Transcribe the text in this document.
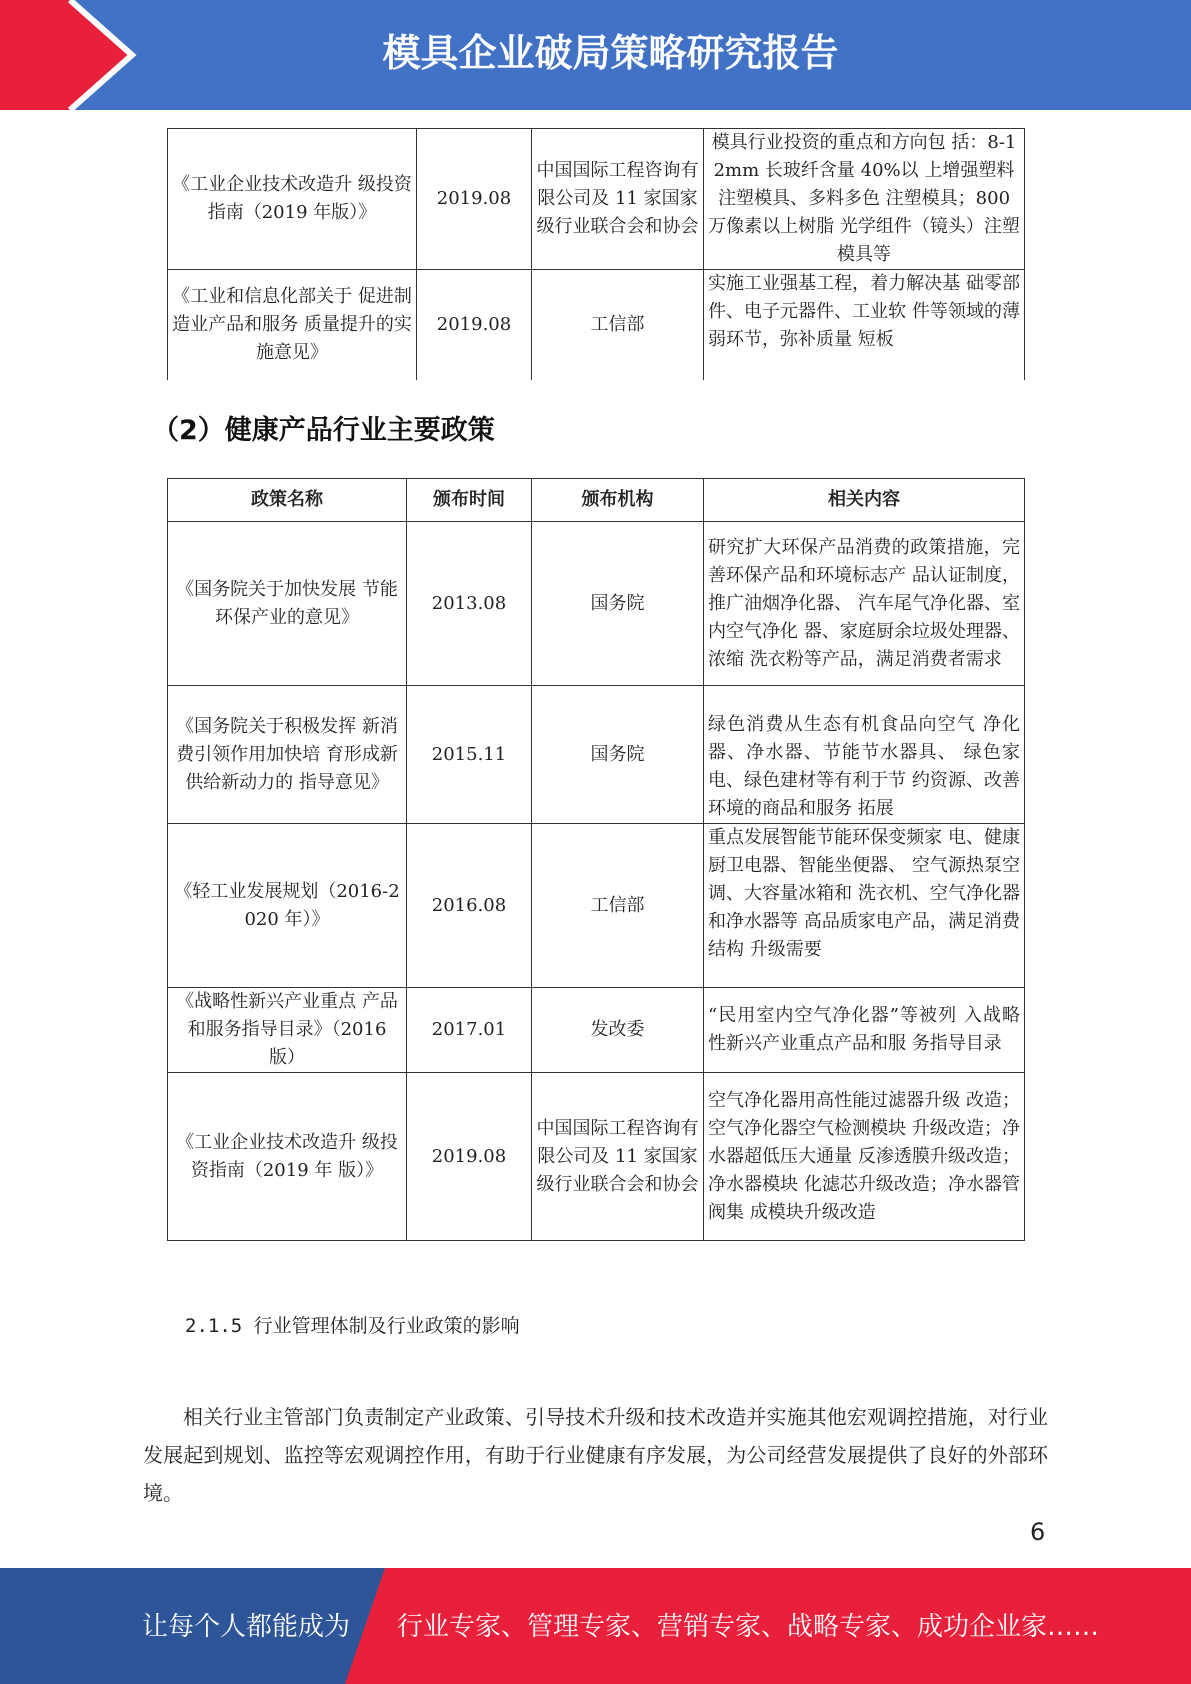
模具企业破局策略研究报告
《工业企业技术改造升 级投资指南（2019 年版）》	2019.08	中国国际工程咨询有限公司及 11 家国家级行业联合会和协会	模具行业投资的重点和方向包 括：8-12mm 长玻纤含量 40%以 上增强塑料注塑模具、多料多色 注塑模具；800 万像素以上树脂 光学组件（镜头）注塑模具等
《工业和信息化部关于 促进制造业产品和服务 质量提升的实施意见》	2019.08	工信部	实施工业强基工程，着力解决基 础零部件、电子元器件、工业软 件等领域的薄弱环节，弥补质量 短板
（2）健康产品行业主要政策
政策名称	颁布时间	颁布机构	相关内容
《国务院关于加快发展 节能环保产业的意见》	2013.08	国务院	研究扩大环保产品消费的政策措施，完善环保产品和环境标志产 品认证制度，推广油烟净化器、 汽车尾气净化器、室内空气净化 器、家庭厨余垃圾处理器、浓缩 洗衣粉等产品，满足消费者需求
《国务院关于积极发挥 新消费引领作用加快培 育形成新供给新动力的 指导意见》	2015.11	国务院	绿色消费从生态有机食品向空气 净化器、净水器、节能节水器具、 绿色家电、绿色建材等有利于节 约资源、改善环境的商品和服务 拓展
《轻工业发展规划（2016-2020 年）》	2016.08	工信部	重点发展智能节能环保变频家 电、健康厨卫电器、智能坐便器、 空气源热泵空调、大容量冰箱和 洗衣机、空气净化器和净水器等 高品质家电产品，满足消费结构 升级需要
《战略性新兴产业重点 产品和服务指导目录》（2016 版）	2017.01	发改委	“民用室内空气净化器”等被列 入战略性新兴产业重点产品和服 务指导目录
《工业企业技术改造升 级投资指南（2019 年 版）》	2019.08	中国国际工程咨询有限公司及 11 家国家级行业联合会和协会	空气净化器用高性能过滤器升级 改造；空气净化器空气检测模块 升级改造；净水器超低压大通量 反渗透膜升级改造；净水器模块 化滤芯升级改造；净水器管阀集 成模块升级改造
2.1.5 行业管理体制及行业政策的影响

相关行业主管部门负责制定产业政策、引导技术升级和技术改造并实施其他宏观调控措施，对行业发展起到规划、监控等宏观调控作用，有助于行业健康有序发展，为公司经营发展提供了良好的外部环境。

6
让每个人都能成为 行业专家、管理专家、营销专家、战略专家、成功企业家……
